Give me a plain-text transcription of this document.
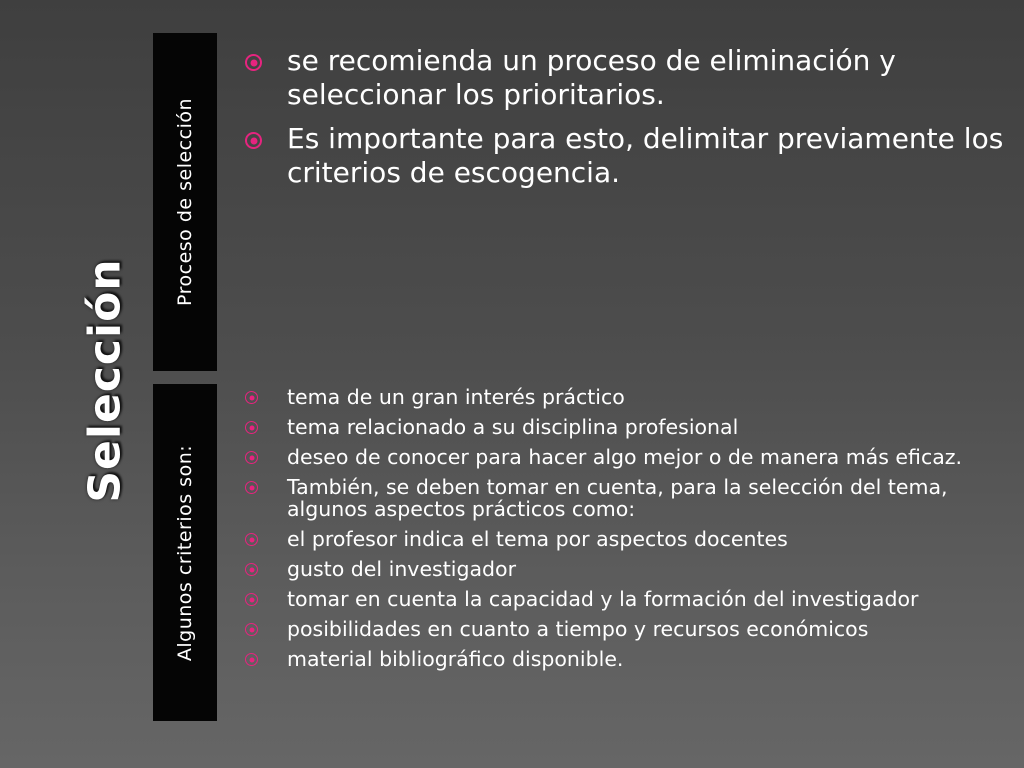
Selección
Proceso de selección
Algunos criterios son:
se recomienda un proceso de eliminación y seleccionar los prioritarios.
Es importante para esto, delimitar previamente los criterios de escogencia.
tema de un gran interés práctico
tema relacionado a su disciplina profesional
deseo de conocer para hacer algo mejor o de manera más eficaz.
También, se deben tomar en cuenta, para la selección del tema, algunos aspectos prácticos como:
el profesor indica el tema por aspectos docentes
gusto del investigador
tomar en cuenta la capacidad y la formación del investigador
posibilidades en cuanto a tiempo y recursos económicos
material bibliográfico disponible.
